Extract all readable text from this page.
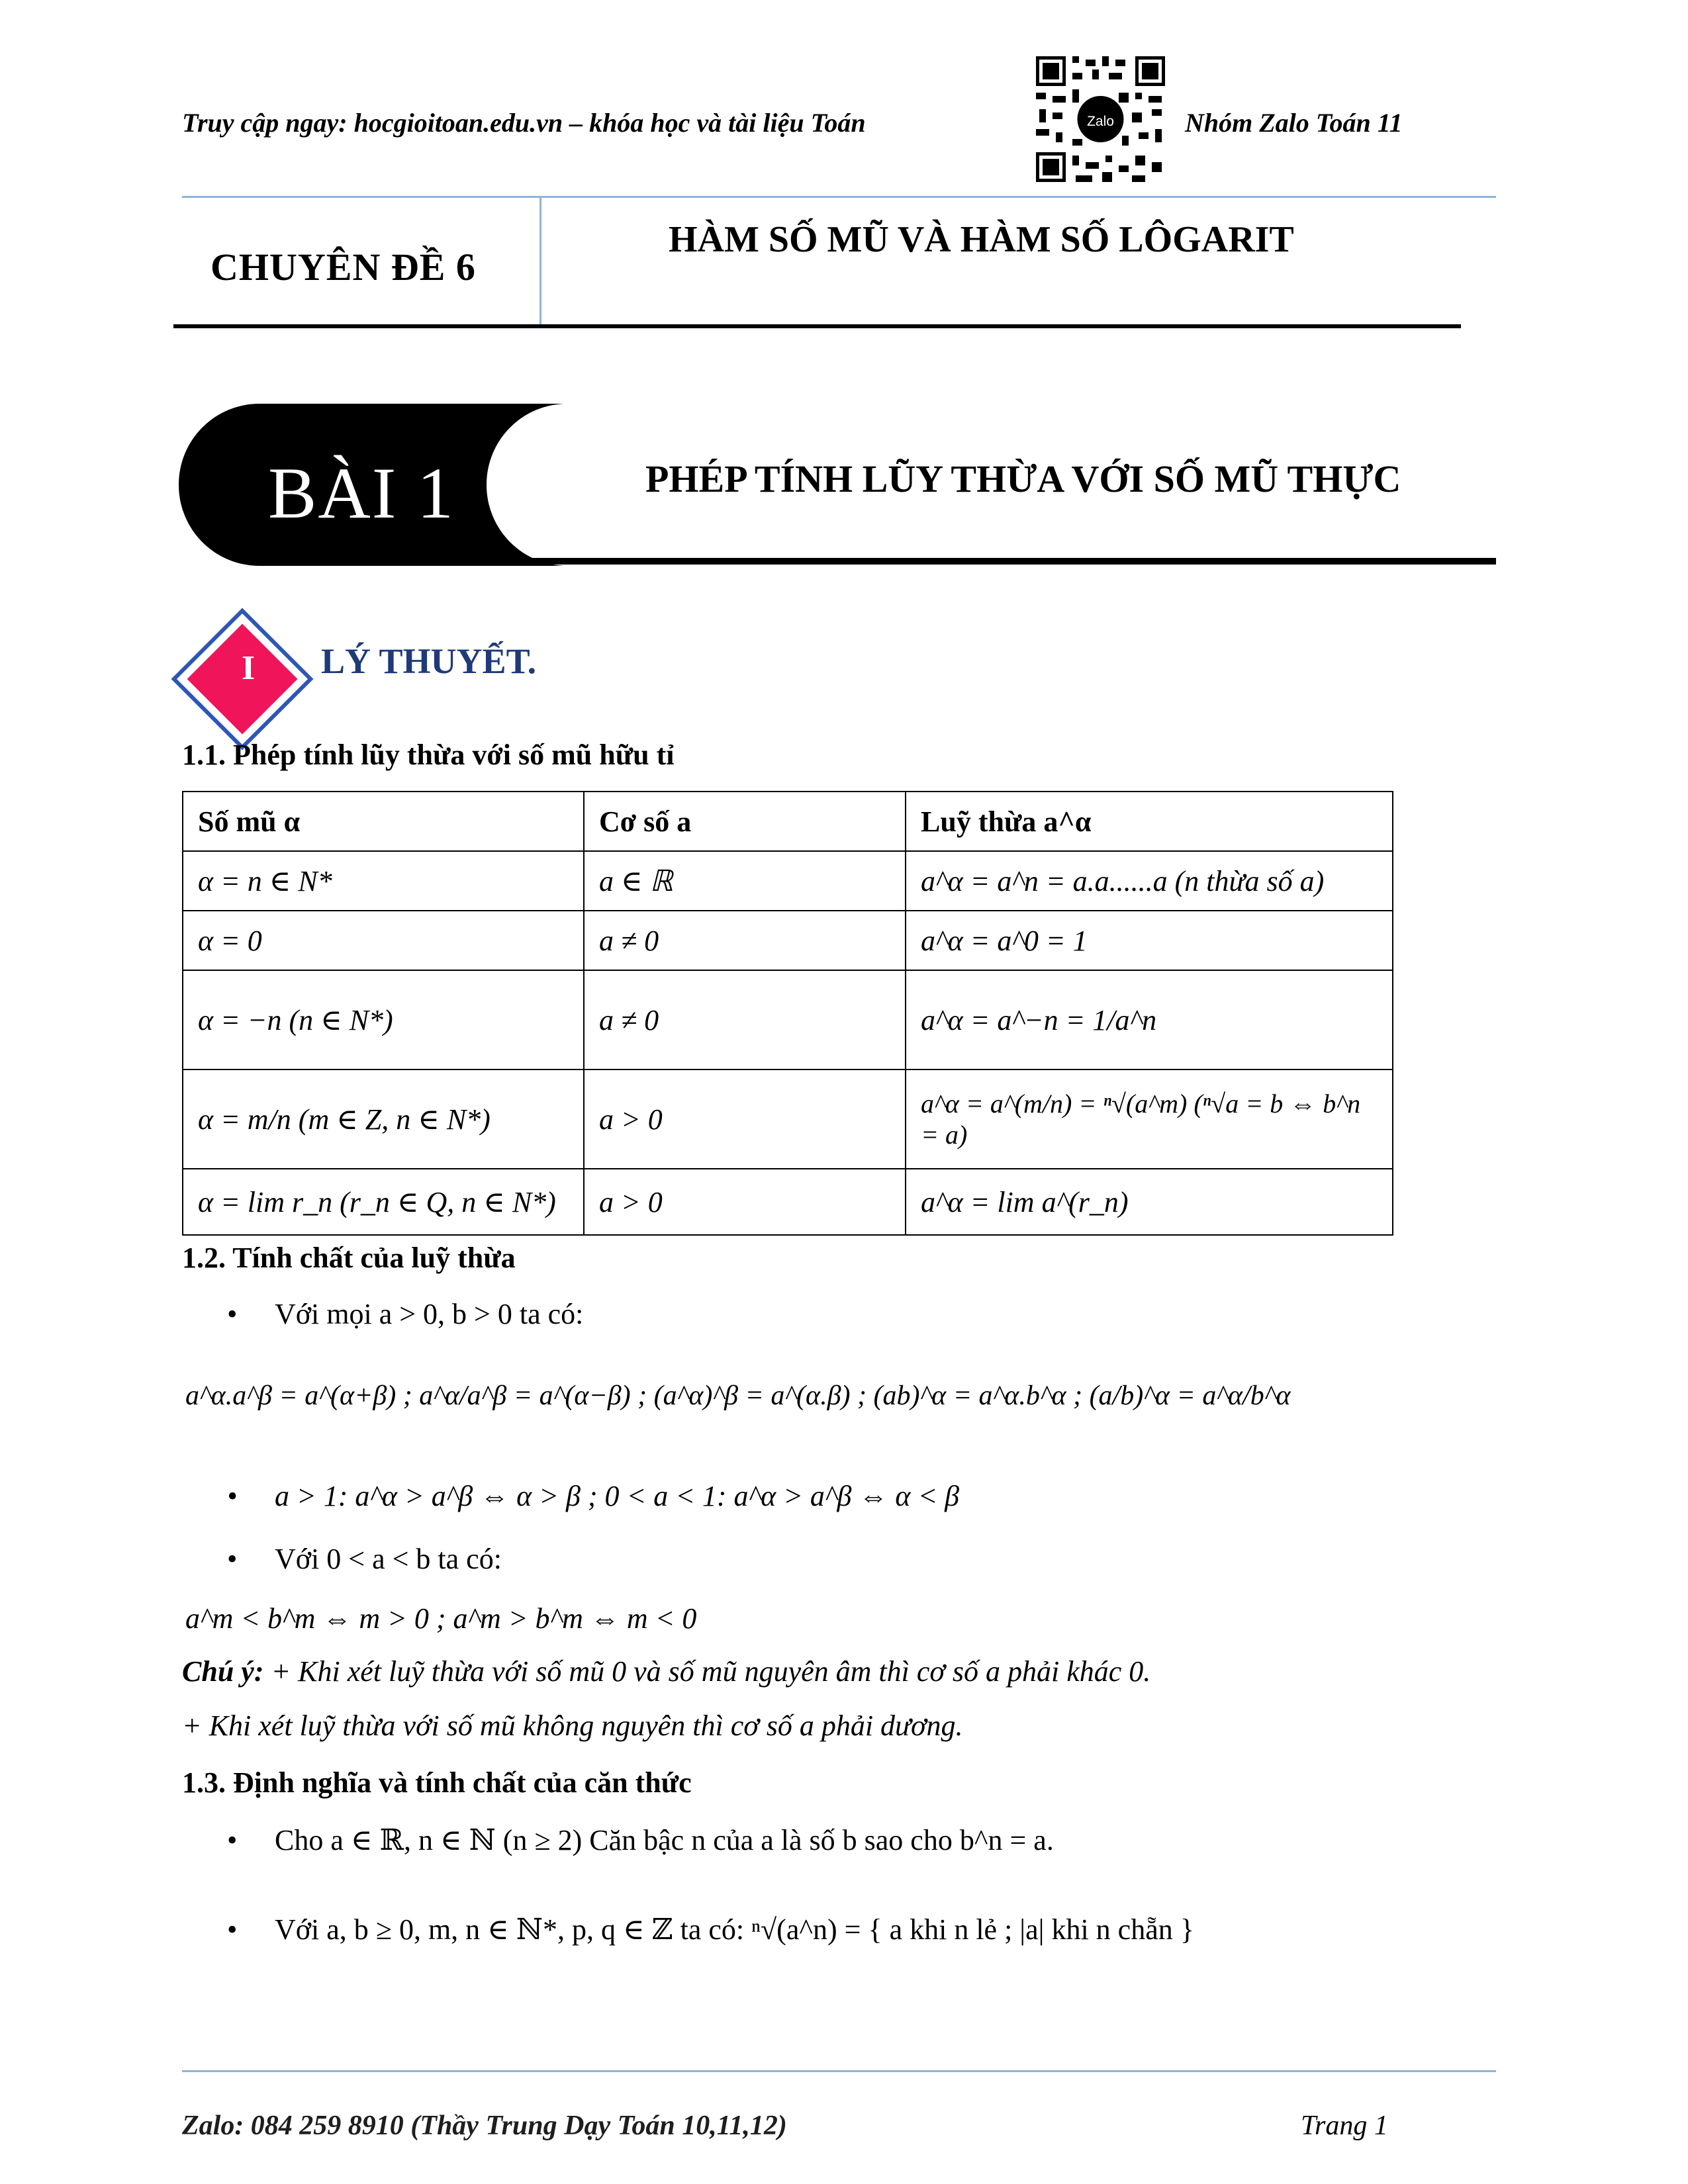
Truy cập ngay: hocgioitoan.edu.vn – khóa học và tài liệu Toán	Zalo	Nhóm Zalo Toán 11
CHUYÊN ĐỀ 6
HÀM SỐ MŨ VÀ HÀM SỐ LÔGARIT
BÀI 1	PHÉP TÍNH LŨY THỪA VỚI SỐ MŨ THỰC
I	LÝ THUYẾT.
1.1. Phép tính lũy thừa với số mũ hữu tỉ
Số mũ α	Cơ số a	Luỹ thừa a^α
α = n ∈ N*	a ∈ ℝ	a^α = a^n = a.a......a (n thừa số a)
α = 0	a ≠ 0	a^α = a^0 = 1
α = −n (n ∈ N*)	a ≠ 0	a^α = a^−n = 1/a^n
α = m/n (m ∈ Z, n ∈ N*)	a > 0	a^α = a^(m/n) = ⁿ√(a^m) (ⁿ√a = b ⇔ b^n = a)
α = lim r_n (r_n ∈ Q, n ∈ N*)	a > 0	a^α = lim a^(r_n)
1.2. Tính chất của luỹ thừa
• Với mọi a > 0, b > 0 ta có:
a^α.a^β = a^(α+β) ; a^α/a^β = a^(α−β) ; (a^α)^β = a^(α.β) ; (ab)^α = a^α.b^α ; (a/b)^α = a^α/b^α
• a > 1: a^α > a^β ⇔ α > β ; 0 < a < 1: a^α > a^β ⇔ α < β
• Với 0 < a < b ta có:
a^m < b^m ⇔ m > 0 ; a^m > b^m ⇔ m < 0
Chú ý: + Khi xét luỹ thừa với số mũ 0 và số mũ nguyên âm thì cơ số a phải khác 0.
+ Khi xét luỹ thừa với số mũ không nguyên thì cơ số a phải dương.
1.3. Định nghĩa và tính chất của căn thức
• Cho a ∈ ℝ, n ∈ ℕ (n ≥ 2) Căn bậc n của a là số b sao cho b^n = a.
• Với a, b ≥ 0, m, n ∈ ℕ*, p, q ∈ ℤ ta có: ⁿ√(a^n) = { a khi n lẻ ; |a| khi n chẵn }
Zalo: 084 259 8910 (Thầy Trung Dạy Toán 10,11,12)	Trang 1
